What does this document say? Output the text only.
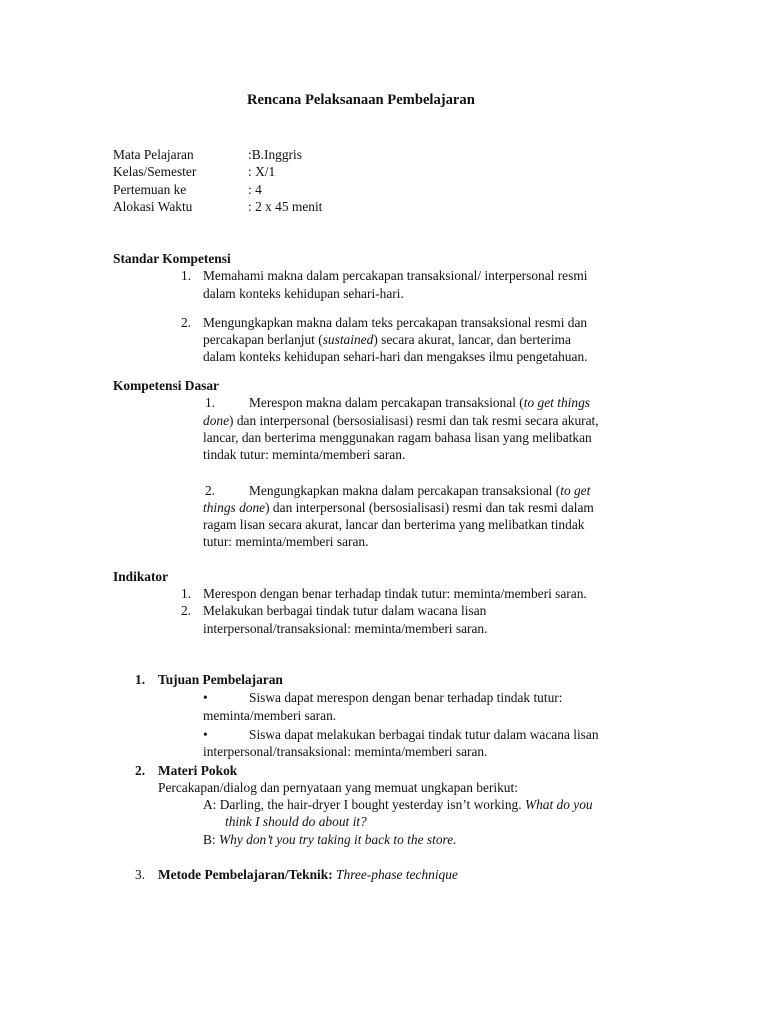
Rencana Pelaksanaan Pembelajaran
Mata Pelajaran	:B.Inggris
Kelas/Semester	: X/1
Pertemuan ke	: 4
Alokasi Waktu	: 2 x 45 menit
Standar Kompetensi
1. Memahami makna dalam percakapan transaksional/ interpersonal resmi
dalam konteks kehidupan sehari-hari.
2. Mengungkapkan makna dalam teks percakapan transaksional resmi dan
percakapan berlanjut (sustained) secara akurat, lancar, dan berterima
dalam konteks kehidupan sehari-hari dan mengakses ilmu pengetahuan.
Kompetensi Dasar
1.	Merespon makna dalam percakapan transaksional (to get things
done) dan interpersonal (bersosialisasi) resmi dan tak resmi secara akurat,
lancar, dan berterima menggunakan ragam bahasa lisan yang melibatkan
tindak tutur: meminta/memberi saran.
2.	Mengungkapkan makna dalam percakapan transaksional (to get
things done) dan interpersonal (bersosialisasi) resmi dan tak resmi dalam
ragam lisan secara akurat, lancar dan berterima yang melibatkan tindak
tutur: meminta/memberi saran.
Indikator
1. Merespon dengan benar terhadap tindak tutur: meminta/memberi saran.
2. Melakukan berbagai tindak tutur dalam wacana lisan
interpersonal/transaksional: meminta/memberi saran.
1. Tujuan Pembelajaran
•	Siswa dapat merespon dengan benar terhadap tindak tutur:
meminta/memberi saran.
•	Siswa dapat melakukan berbagai tindak tutur dalam wacana lisan
interpersonal/transaksional: meminta/memberi saran.
2. Materi Pokok
Percakapan/dialog dan pernyataan yang memuat ungkapan berikut:
A: Darling, the hair-dryer I bought yesterday isn’t working. What do you
think I should do about it?
B: Why don’t you try taking it back to the store.
3. Metode Pembelajaran/Teknik: Three-phase technique
